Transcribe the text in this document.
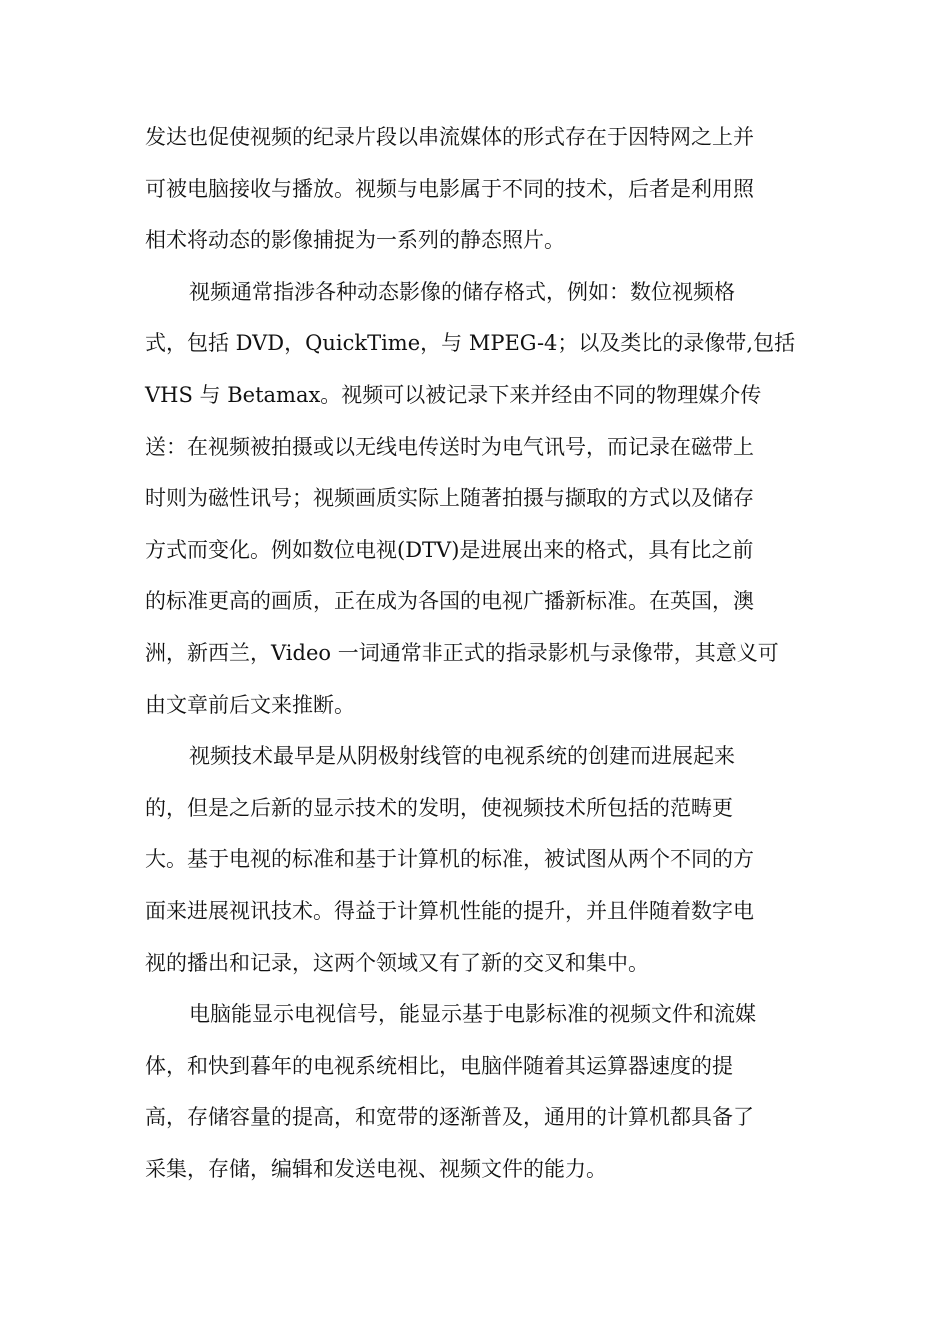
发达也促使视频的纪录片段以串流媒体的形式存在于因特网之上并
可被电脑接收与播放。视频与电影属于不同的技术，后者是利用照
相术将动态的影像捕捉为一系列的静态照片。
视频通常指涉各种动态影像的储存格式，例如：数位视频格
式，包括 DVD，QuickTime，与 MPEG-4；以及类比的录像带,包括
VHS 与 Betamax。视频可以被记录下来并经由不同的物理媒介传
送：在视频被拍摄或以无线电传送时为电气讯号，而记录在磁带上
时则为磁性讯号；视频画质实际上随著拍摄与撷取的方式以及储存
方式而变化。例如数位电视(DTV)是进展出来的格式，具有比之前
的标准更高的画质，正在成为各国的电视广播新标准。在英国，澳
洲，新西兰，Video 一词通常非正式的指录影机与录像带，其意义可
由文章前后文来推断。
视频技术最早是从阴极射线管的电视系统的创建而进展起来
的，但是之后新的显示技术的发明，使视频技术所包括的范畴更
大。基于电视的标准和基于计算机的标准，被试图从两个不同的方
面来进展视讯技术。得益于计算机性能的提升，并且伴随着数字电
视的播出和记录，这两个领域又有了新的交叉和集中。
电脑能显示电视信号，能显示基于电影标准的视频文件和流媒
体，和快到暮年的电视系统相比，电脑伴随着其运算器速度的提
高，存储容量的提高，和宽带的逐渐普及，通用的计算机都具备了
采集，存储，编辑和发送电视、视频文件的能力。
